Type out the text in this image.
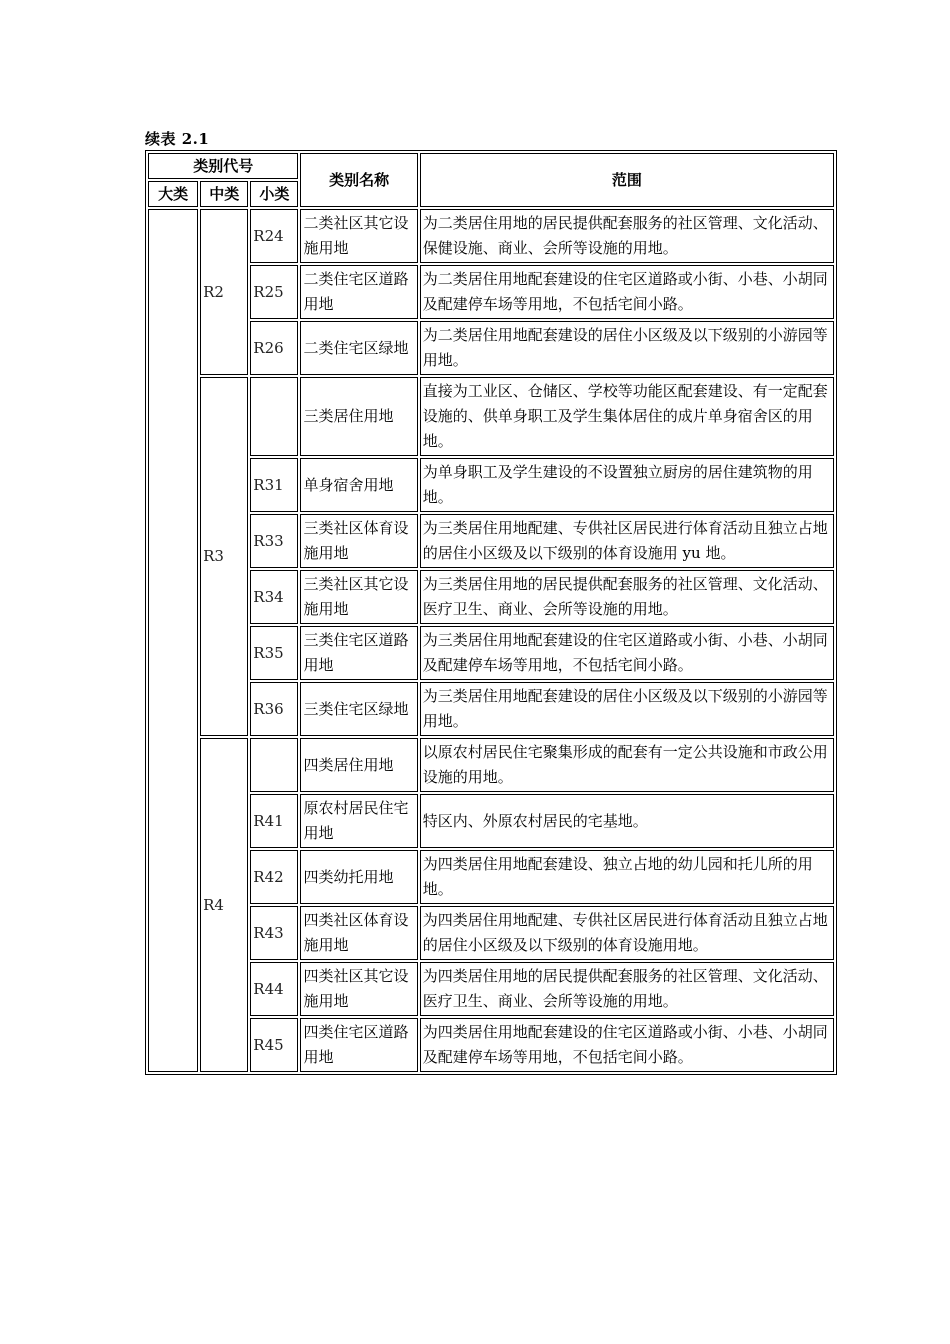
续表 2.1
类别代号			类别名称	范围
大类	中类	小类		
	R2	R24	二类社区其它设施用地	为二类居住用地的居民提供配套服务的社区管理、文化活动、保健设施、商业、会所等设施的用地。
		R25	二类住宅区道路用地	为二类居住用地配套建设的住宅区道路或小街、小巷、小胡同及配建停车场等用地，不包括宅间小路。
		R26	二类住宅区绿地	为二类居住用地配套建设的居住小区级及以下级别的小游园等用地。
	R3		三类居住用地	直接为工业区、仓储区、学校等功能区配套建设、有一定配套设施的、供单身职工及学生集体居住的成片单身宿舍区的用地。
		R31	单身宿舍用地	为单身职工及学生建设的不设置独立厨房的居住建筑物的用地。
		R33	三类社区体育设施用地	为三类居住用地配建、专供社区居民进行体育活动且独立占地的居住小区级及以下级别的体育设施用 yu 地。
		R34	三类社区其它设施用地	为三类居住用地的居民提供配套服务的社区管理、文化活动、医疗卫生、商业、会所等设施的用地。
		R35	三类住宅区道路用地	为三类居住用地配套建设的住宅区道路或小街、小巷、小胡同及配建停车场等用地，不包括宅间小路。
		R36	三类住宅区绿地	为三类居住用地配套建设的居住小区级及以下级别的小游园等用地。
	R4		四类居住用地	以原农村居民住宅聚集形成的配套有一定公共设施和市政公用设施的用地。
		R41	原农村居民住宅用地	特区内、外原农村居民的宅基地。
		R42	四类幼托用地	为四类居住用地配套建设、独立占地的幼儿园和托儿所的用地。
		R43	四类社区体育设施用地	为四类居住用地配建、专供社区居民进行体育活动且独立占地的居住小区级及以下级别的体育设施用地。
		R44	四类社区其它设施用地	为四类居住用地的居民提供配套服务的社区管理、文化活动、医疗卫生、商业、会所等设施的用地。
		R45	四类住宅区道路用地	为四类居住用地配套建设的住宅区道路或小街、小巷、小胡同及配建停车场等用地，不包括宅间小路。
